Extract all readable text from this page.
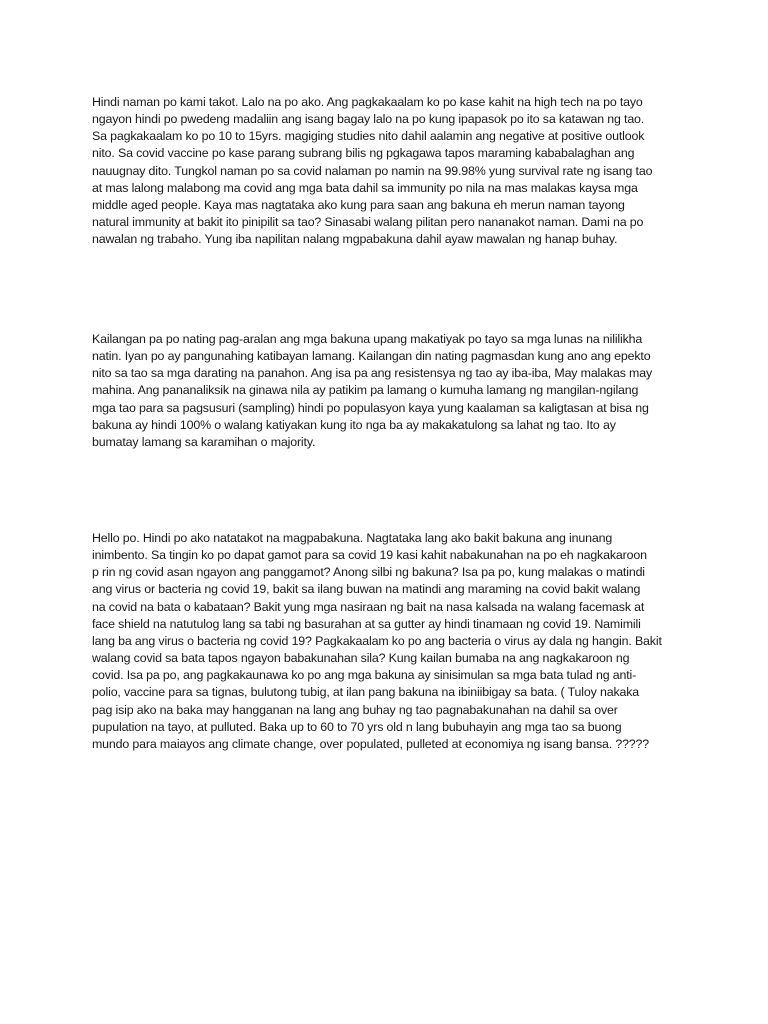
Hindi naman po kami takot. Lalo na po ako. Ang pagkakaalam ko po kase kahit na high tech na po tayo
ngayon hindi po pwedeng madaliin ang isang bagay lalo na po kung ipapasok po ito sa katawan ng tao.
Sa pagkakaalam ko po 10 to 15yrs. magiging studies nito dahil aalamin ang negative at positive outlook
nito. Sa covid vaccine po kase parang subrang bilis ng pgkagawa tapos maraming kababalaghan ang
nauugnay dito. Tungkol naman po sa covid nalaman po namin na 99.98% yung survival rate ng isang tao
at mas lalong malabong ma covid ang mga bata dahil sa immunity po nila na mas malakas kaysa mga
middle aged people. Kaya mas nagtataka ako kung para saan ang bakuna eh merun naman tayong
natural immunity at bakit ito pinipilit sa tao? Sinasabi walang pilitan pero nananakot naman. Dami na po
nawalan ng trabaho. Yung iba napilitan nalang mgpabakuna dahil ayaw mawalan ng hanap buhay.

Kailangan pa po nating pag-aralan ang mga bakuna upang makatiyak po tayo sa mga lunas na nililikha
natin. Iyan po ay pangunahing katibayan lamang. Kailangan din nating pagmasdan kung ano ang epekto
nito sa tao sa mga darating na panahon. Ang isa pa ang resistensya ng tao ay iba-iba, May malakas may
mahina. Ang pananaliksik na ginawa nila ay patikim pa lamang o kumuha lamang ng mangilan-ngilang
mga tao para sa pagsusuri (sampling) hindi po populasyon kaya yung kaalaman sa kaligtasan at bisa ng
bakuna ay hindi 100% o walang katiyakan kung ito nga ba ay makakatulong sa lahat ng tao. Ito ay
bumatay lamang sa karamihan o majority.

Hello po. Hindi po ako natatakot na magpabakuna. Nagtataka lang ako bakit bakuna ang inunang
inimbento. Sa tingin ko po dapat gamot para sa covid 19 kasi kahit nabakunahan na po eh nagkakaroon
p rin ng covid asan ngayon ang panggamot? Anong silbi ng bakuna? Isa pa po, kung malakas o matindi
ang virus or bacteria ng covid 19, bakit sa ilang buwan na matindi ang maraming na covid bakit walang
na covid na bata o kabataan? Bakit yung mga nasiraan ng bait na nasa kalsada na walang facemask at
face shield na natutulog lang sa tabi ng basurahan at sa gutter ay hindi tinamaan ng covid 19. Namimili
lang ba ang virus o bacteria ng covid 19? Pagkakaalam ko po ang bacteria o virus ay dala ng hangin. Bakit
walang covid sa bata tapos ngayon babakunahan sila? Kung kailan bumaba na ang nagkakaroon ng
covid. Isa pa po, ang pagkakaunawa ko po ang mga bakuna ay sinisimulan sa mga bata tulad ng anti-
polio, vaccine para sa tignas, bulutong tubig, at ilan pang bakuna na ibiniibigay sa bata. ( Tuloy nakaka
pag isip ako na baka may hangganan na lang ang buhay ng tao pagnabakunahan na dahil sa over
pupulation na tayo, at pulluted. Baka up to 60 to 70 yrs old n lang bubuhayin ang mga tao sa buong
mundo para maiayos ang climate change, over populated, pulleted at economiya ng isang bansa. ?????
